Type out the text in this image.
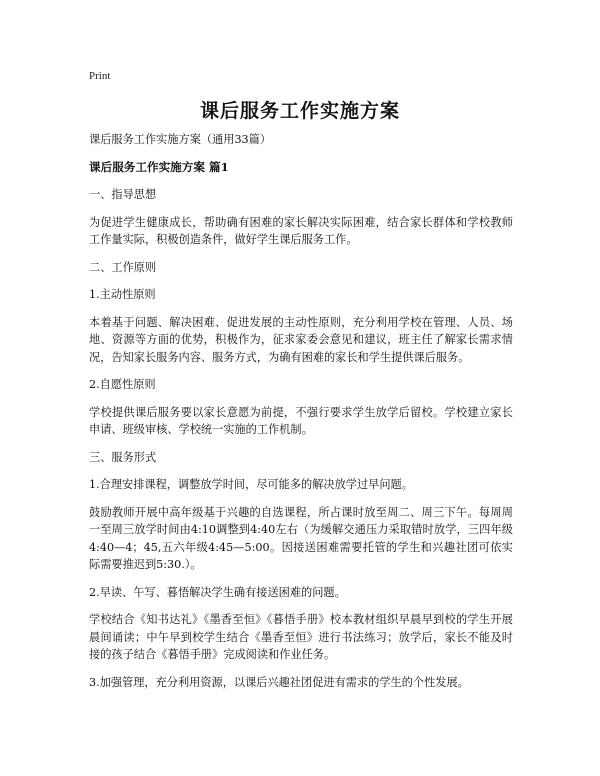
Print
课后服务工作实施方案

课后服务工作实施方案（通用33篇）

课后服务工作实施方案 篇1

一、指导思想

为促进学生健康成长，帮助确有困难的家长解决实际困难，结合家长群体和学校教师工作量实际，积极创造条件，做好学生课后服务工作。

二、工作原则

1.主动性原则

本着基于问题、解决困难、促进发展的主动性原则，充分利用学校在管理、人员、场地、资源等方面的优势，积极作为，征求家委会意见和建议，班主任了解家长需求情况，告知家长服务内容、服务方式，为确有困难的家长和学生提供课后服务。

2.自愿性原则

学校提供课后服务要以家长意愿为前提，不强行要求学生放学后留校。学校建立家长申请、班级审核、学校统一实施的工作机制。

三、服务形式

1.合理安排课程，调整放学时间，尽可能多的解决放学过早问题。

鼓励教师开展中高年级基于兴趣的自选课程，所占课时放至周二、周三下午。每周周一至周三放学时间由4:10调整到4:40左右（为缓解交通压力采取错时放学，三四年级4:40—4；45,五六年级4:45—5:00。因接送困难需要托管的学生和兴趣社团可依实际需要推迟到5:30.）。

2.早读、午写、暮悟解决学生确有接送困难的问题。

学校结合《知书达礼》《墨香至恒》《暮悟手册》校本教材组织早晨早到校的学生开展晨间诵读；中午早到校学生结合《墨香至恒》进行书法练习；放学后，家长不能及时接的孩子结合《暮悟手册》完成阅读和作业任务。

3.加强管理，充分利用资源，以课后兴趣社团促进有需求的学生的个性发展。
